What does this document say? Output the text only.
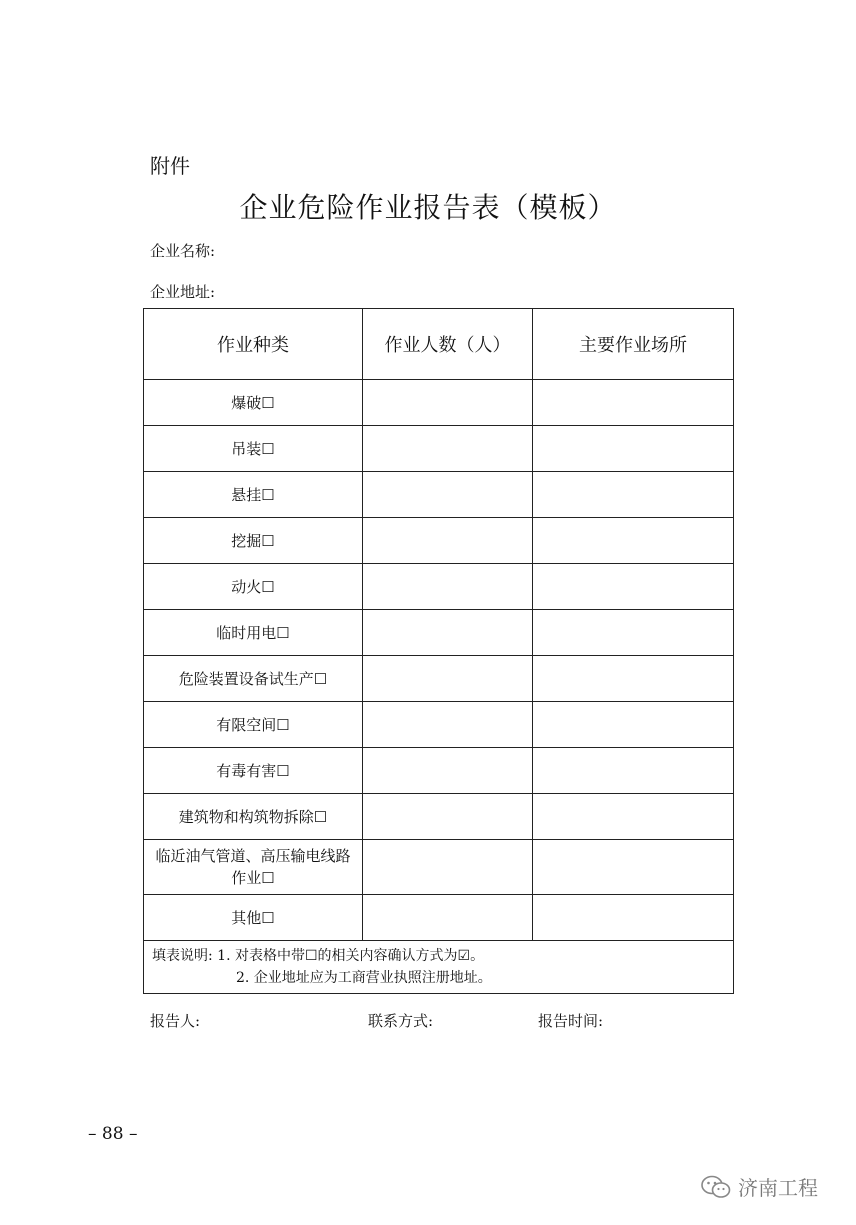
附件
企业危险作业报告表（模板）
企业名称:
企业地址:
作业种类	作业人数（人）	主要作业场所
爆破☐		
吊装☐		
悬挂☐		
挖掘☐		
动火☐		
临时用电☐		
危险装置设备试生产☐		
有限空间☐		
有毒有害☐		
建筑物和构筑物拆除☐		
临近油气管道、高压输电线路作业☐		
其他☐		

填表说明: 1. 对表格中带☐的相关内容确认方式为☑。
2. 企业地址应为工商营业执照注册地址。		
报告人:	联系方式:	报告时间:
– 88 –
济南工程
